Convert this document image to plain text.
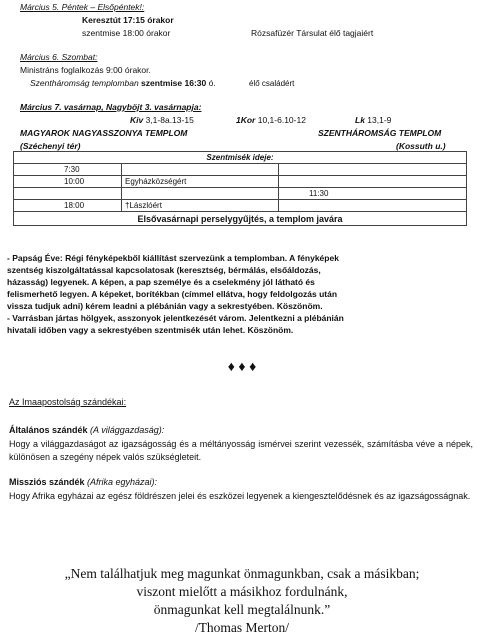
Március 5. Péntek – Elsőpéntek!:
Keresztút 17:15 órakor
szentmise 18:00 órakor	Rózsafüzér Társulat élő tagjaiért
Március 6. Szombat:
Ministráns foglalkozás 9:00 órakor.
Szentháromság templomban szentmise 16:30 ó.	élő családért
Március 7. vasárnap, Nagyböjt 3. vasárnapja:
Kiv 3,1-8a.13-15	1Kor 10,1-6.10-12	Lk 13,1-9
MAGYAROK NAGYASSZONYA TEMPLOM	SZENTHÁROMSÁG TEMPLOM
(Széchenyi tér)	(Kossuth u.)
Szentmisék ideje:		
7:30		
10:00	Egyházközségért	
		11:30
18:00	†Lászlóért	
Elsővasárnapi perselygyűjtés, a templom javára		
- Papság Éve: Régi fényképekből kiállítást szervezünk a templomban. A fényképek
szentség kiszolgáltatással kapcsolatosak (keresztség, bérmálás, elsőáldozás,
házasság) legyenek. A képen, a pap személye és a cselekmény jól látható és
felismerhető legyen. A képeket, borítékban (címmel ellátva, hogy feldolgozás után
vissza tudjuk adni) kérem leadni a plébánián vagy a sekrestyében. Köszönöm.
- Varrásban jártas hölgyek, asszonyok jelentkezését várom. Jelentkezni a plébánián
hivatali időben vagy a sekrestyében szentmisék után lehet. Köszönöm.
♦ ♦ ♦
Az Imaapostolság szándékai:
Általános szándék (A világgazdaság):
Hogy a világgazdaságot az igazságosság és a méltányosság ismérvei szerint vezessék, számításba véve a népek, különösen a szegény népek valós szükségleteit.
Missziós szándék (Afrika egyházai):
Hogy Afrika egyházai az egész földrészen jelei és eszközei legyenek a kiengesztelődésnek és az igazságosságnak.
„Nem találhatjuk meg magunkat önmagunkban, csak a másikban;
viszont mielőtt a másikhoz fordulnánk,
önmagunkat kell megtalálnunk.”
/Thomas Merton/
